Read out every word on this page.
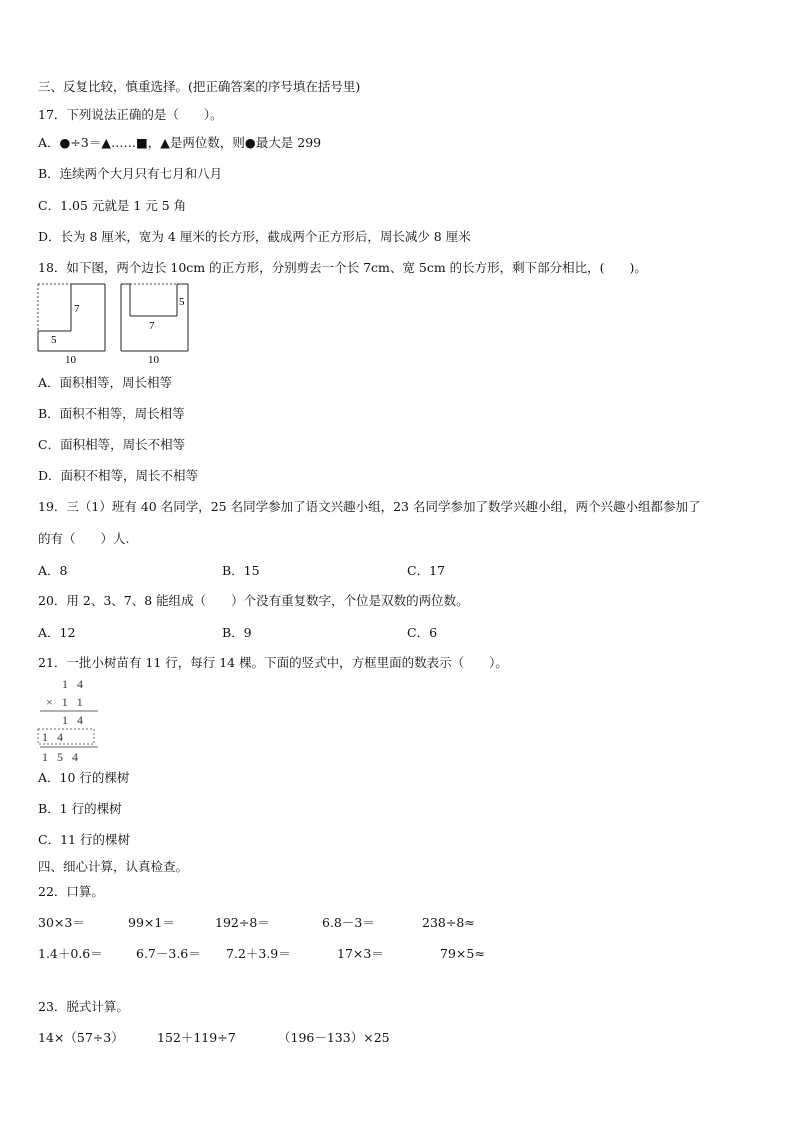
三、反复比较，慎重选择。(把正确答案的序号填在括号里)
17．下列说法正确的是（　　）。
A．●÷3＝▲……■，▲是两位数，则●最大是 299
B．连续两个大月只有七月和八月
C．1.05 元就是 1 元 5 角
D．长为 8 厘米，宽为 4 厘米的长方形，截成两个正方形后，周长减少 8 厘米
18．如下图，两个边长 10cm 的正方形，分别剪去一个长 7cm、宽 5cm 的长方形，剩下部分相比，(　　)。
7
5
10
5
7
10
A．面积相等，周长相等
B．面积不相等，周长相等
C．面积相等，周长不相等
D．面积不相等，周长不相等
19．三（1）班有 40 名同学，25 名同学参加了语文兴趣小组，23 名同学参加了数学兴趣小组，两个兴趣小组都参加了
的有（　　）人.
A．8	B．15	C．17
20．用 2、3、7、8 能组成（　　）个没有重复数字，个位是双数的两位数。
A．12	B．9	C．6
21．一批小树苗有 11 行，每行 14 棵。下面的竖式中，方框里面的数表示（　　）。
1 4
× 1 1
1 4
1 4
1 5 4
A．10 行的棵树
B．1 行的棵树
C．11 行的棵树
四、细心计算，认真检查。
22．口算。
30×3＝	99×1＝	192÷8＝	6.8－3＝	238÷8≈
1.4＋0.6＝	6.7－3.6＝ 7.2＋3.9＝	17×3＝	79×5≈
23．脱式计算。
14×（57÷3）	152＋119÷7	（196－133）×25
